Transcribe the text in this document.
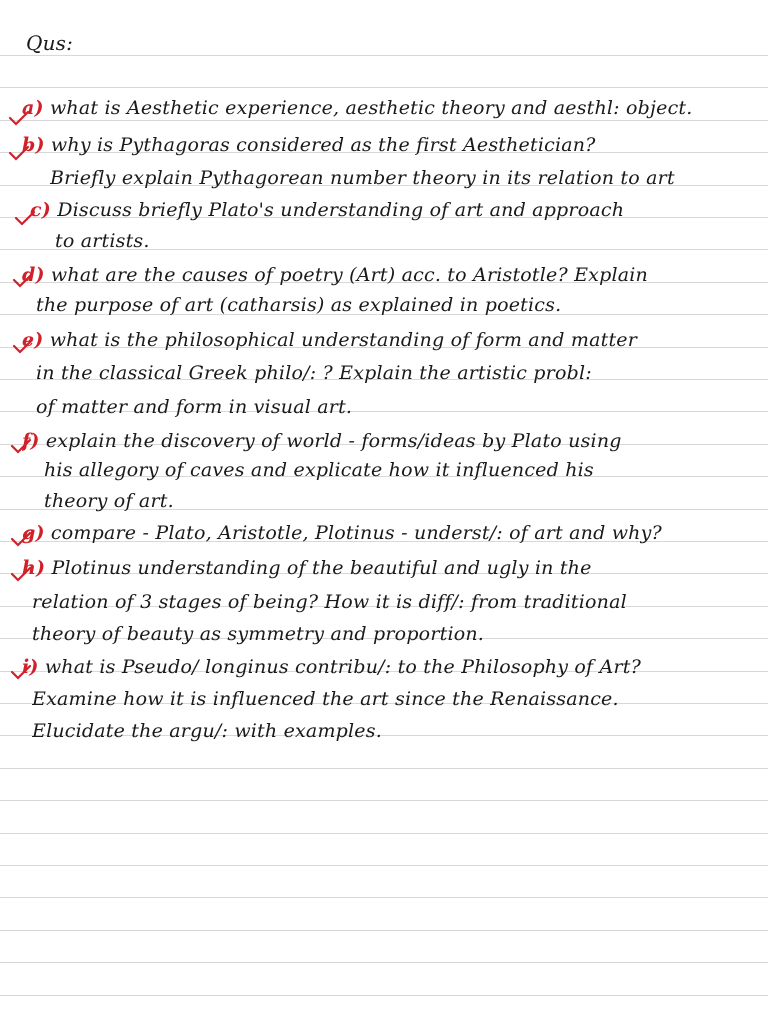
Qus:
a) what is Aesthetic experience, aesthetic theory and aesthl: object.
b) why is Pythagoras considered as the first Aesthetician?
Briefly explain Pythagorean number theory in its relation to art
c) Discuss briefly Plato's understanding of art and approach
to artists.
d) what are the causes of poetry (Art) acc. to Aristotle? Explain
the purpose of art (catharsis) as explained in poetics.
e) what is the philosophical understanding of form and matter
in the classical Greek philo/: ? Explain the artistic probl:
of matter and form in visual art.
f) explain the discovery of world - forms/ideas by Plato using
his allegory of caves and explicate how it influenced his
theory of art.
g) compare - Plato, Aristotle, Plotinus - underst/: of art and why?
h) Plotinus understanding of the beautiful and ugly in the
relation of 3 stages of being? How it is diff/: from traditional
theory of beauty as symmetry and proportion.
i) what is Pseudo/ longinus contribu/: to the Philosophy of Art?
Examine how it is influenced the art since the Renaissance.
Elucidate the argu/: with examples.
